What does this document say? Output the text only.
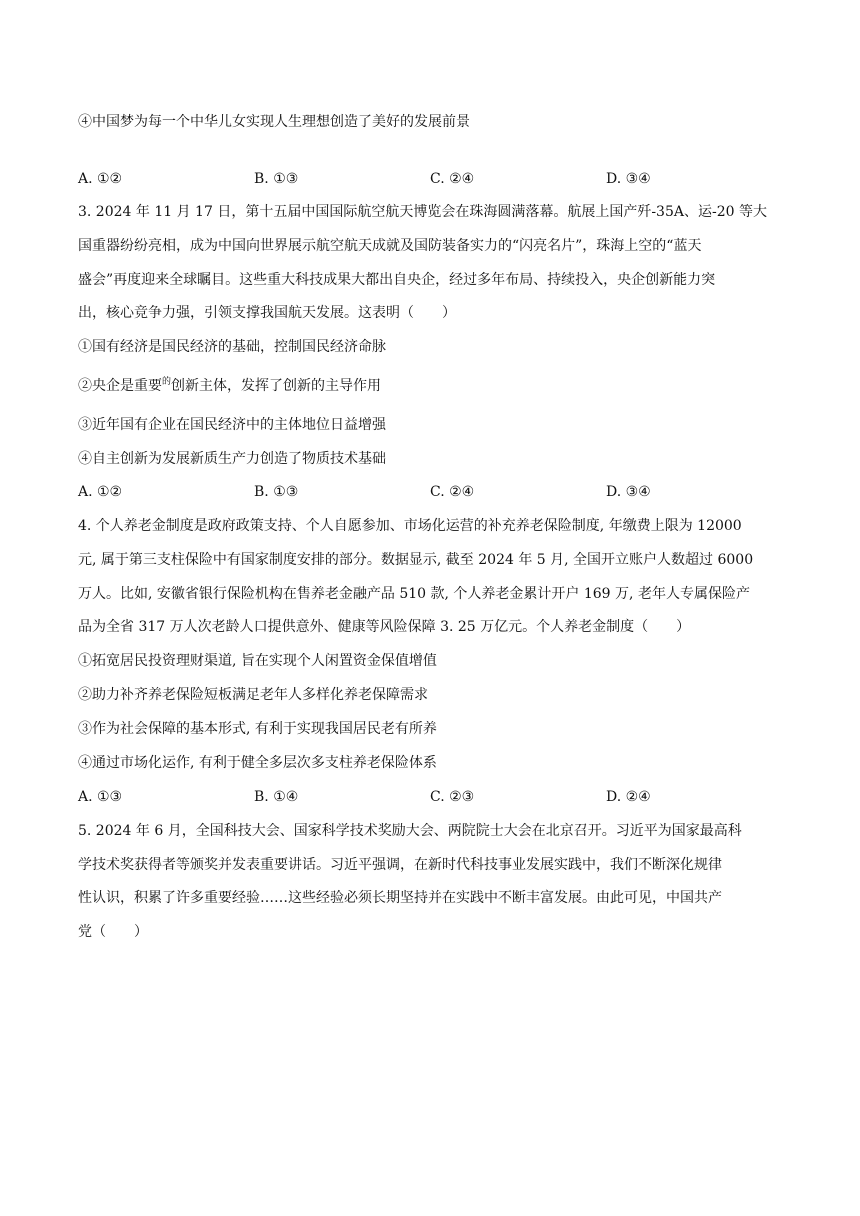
④中国梦为每一个中华儿女实现人生理想创造了美好的发展前景
A. ①②	B. ①③	C. ②④	D. ③④
3. 2024 年 11 月 17 日，第十五届中国国际航空航天博览会在珠海圆满落幕。航展上国产歼-35A、运-20 等大
国重器纷纷亮相，成为中国向世界展示航空航天成就及国防装备实力的“闪亮名片”，珠海上空的“蓝天
盛会”再度迎来全球瞩目。这些重大科技成果大都出自央企，经过多年布局、持续投入，央企创新能力突
出，核心竞争力强，引领支撑我国航天发展。这表明（　　）
①国有经济是国民经济的基础，控制国民经济命脉
②央企是重要$^的$创新主体，发挥了创新的主导作用
③近年国有企业在国民经济中的主体地位日益增强
④自主创新为发展新质生产力创造了物质技术基础
A. ①②	B. ①③	C. ②④	D. ③④
4. 个人养老金制度是政府政策支持、个人自愿参加、市场化运营的补充养老保险制度, 年缴费上限为 12000
元, 属于第三支柱保险中有国家制度安排的部分。数据显示, 截至 2024 年 5 月, 全国开立账户人数超过 6000
万人。比如, 安徽省银行保险机构在售养老金融产品 510 款, 个人养老金累计开户 169 万, 老年人专属保险产
品为全省 317 万人次老龄人口提供意外、健康等风险保障 3. 25 万亿元。个人养老金制度（　　）
①拓宽居民投资理财渠道, 旨在实现个人闲置资金保值增值
②助力补齐养老保险短板满足老年人多样化养老保障需求
③作为社会保障的基本形式, 有利于实现我国居民老有所养
④通过市场化运作, 有利于健全多层次多支柱养老保险体系
A. ①③	B. ①④	C. ②③	D. ②④
5. 2024 年 6 月，全国科技大会、国家科学技术奖励大会、两院院士大会在北京召开。习近平为国家最高科
学技术奖获得者等颁奖并发表重要讲话。习近平强调，在新时代科技事业发展实践中，我们不断深化规律
性认识，积累了许多重要经验……这些经验必须长期坚持并在实践中不断丰富发展。由此可见，中国共产
党（　　）
